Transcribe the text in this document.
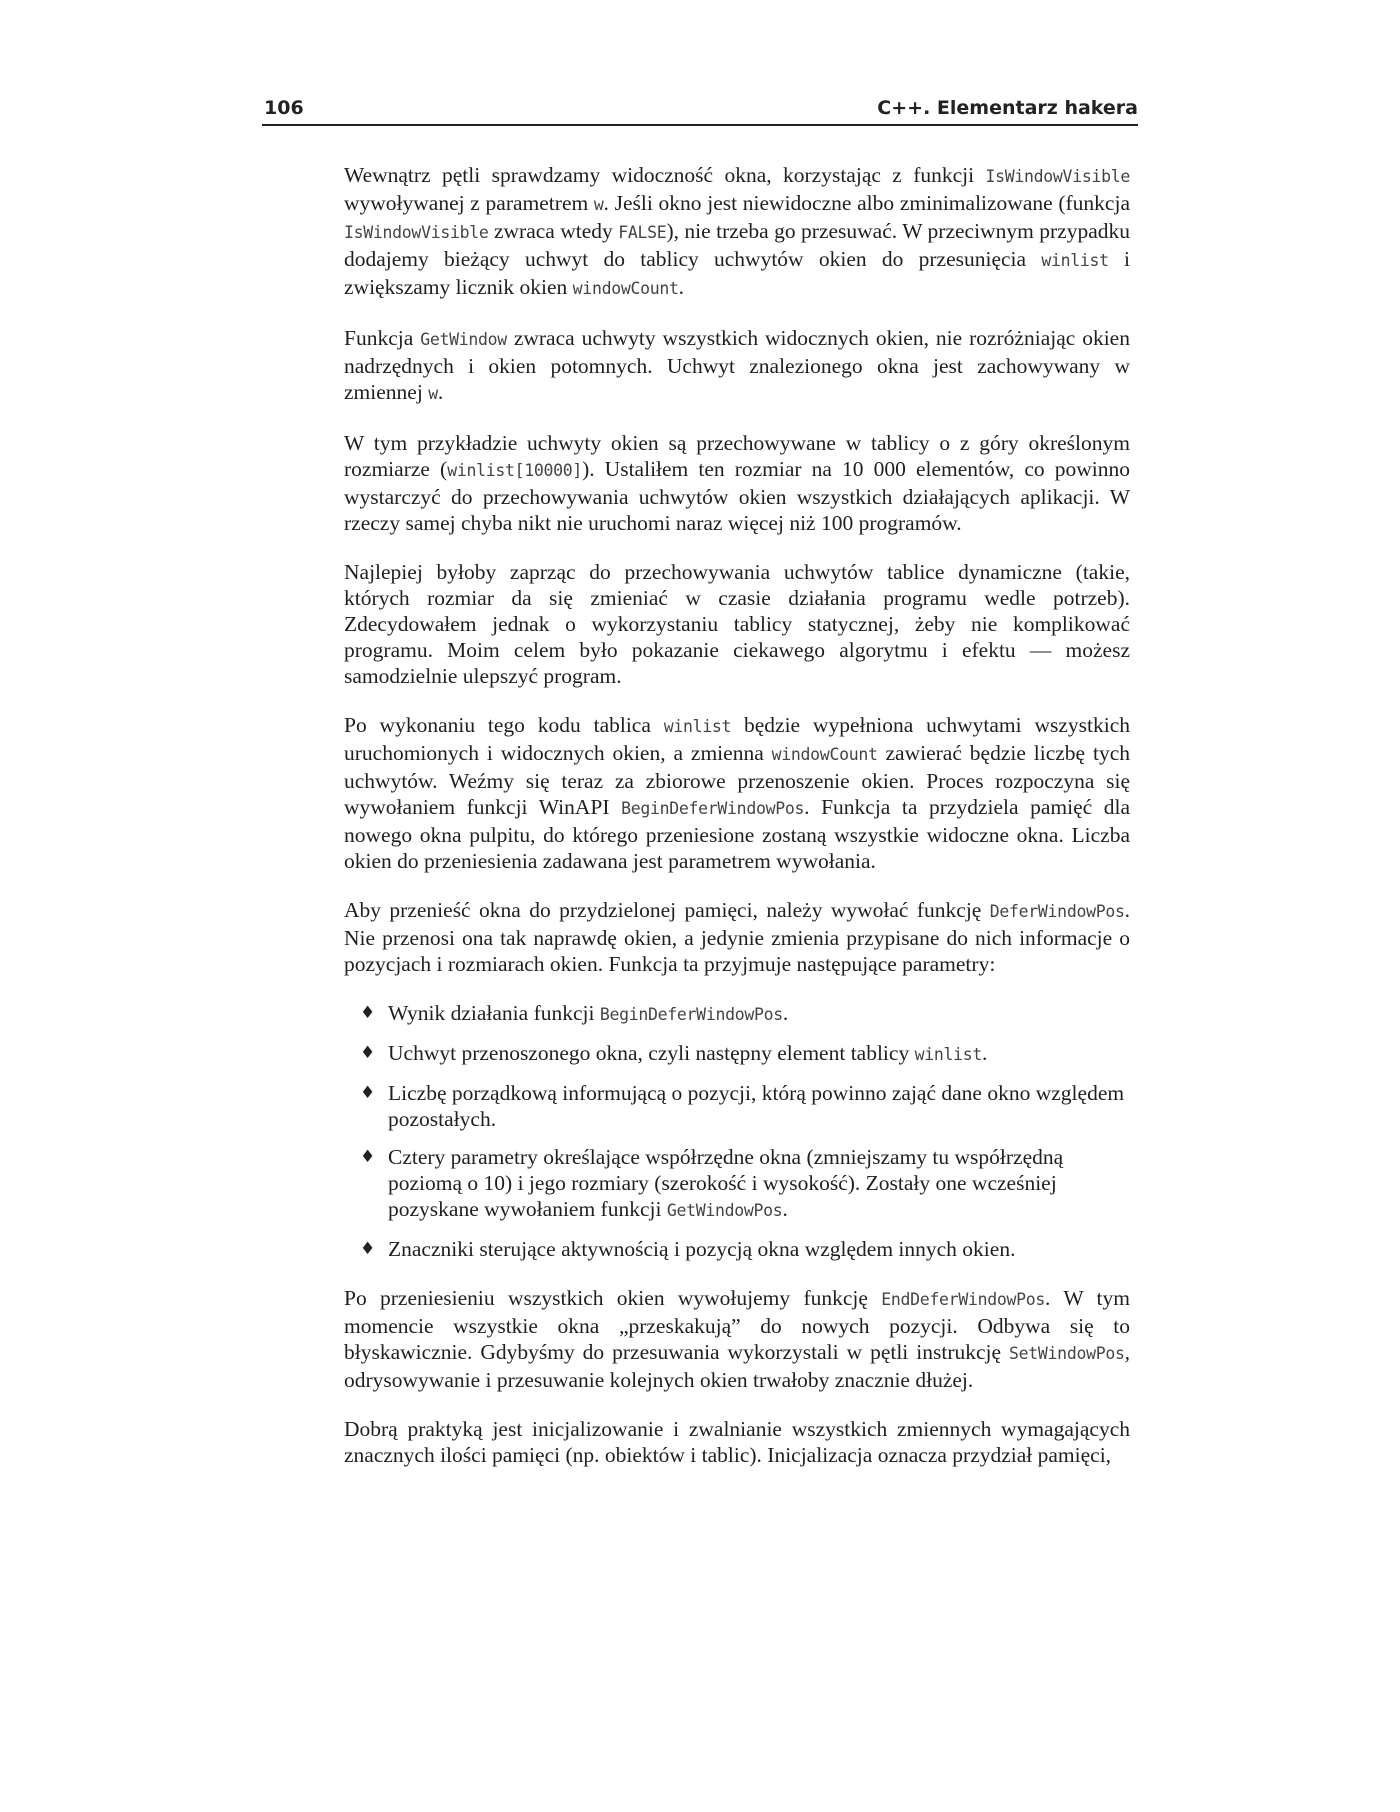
106	C++. Elementarz hakera

Wewnątrz pętli sprawdzamy widoczność okna, korzystając z funkcji IsWindowVisible wywoływanej z parametrem w. Jeśli okno jest niewidoczne albo zminimalizowane (funkcja IsWindowVisible zwraca wtedy FALSE), nie trzeba go przesuwać. W przeciwnym przypadku dodajemy bieżący uchwyt do tablicy uchwytów okien do przesunięcia winlist i zwiększamy licznik okien windowCount.

Funkcja GetWindow zwraca uchwyty wszystkich widocznych okien, nie rozróżniając okien nadrzędnych i okien potomnych. Uchwyt znalezionego okna jest zachowywany w zmiennej w.

W tym przykładzie uchwyty okien są przechowywane w tablicy o z góry określonym rozmiarze (winlist[10000]). Ustaliłem ten rozmiar na 10 000 elementów, co powinno wystarczyć do przechowywania uchwytów okien wszystkich działających aplikacji. W rzeczy samej chyba nikt nie uruchomi naraz więcej niż 100 programów.

Najlepiej byłoby zaprząc do przechowywania uchwytów tablice dynamiczne (takie, których rozmiar da się zmieniać w czasie działania programu wedle potrzeb). Zdecydowałem jednak o wykorzystaniu tablicy statycznej, żeby nie komplikować programu. Moim celem było pokazanie ciekawego algorytmu i efektu — możesz samodzielnie ulepszyć program.

Po wykonaniu tego kodu tablica winlist będzie wypełniona uchwytami wszystkich uruchomionych i widocznych okien, a zmienna windowCount zawierać będzie liczbę tych uchwytów. Weźmy się teraz za zbiorowe przenoszenie okien. Proces rozpoczyna się wywołaniem funkcji WinAPI BeginDeferWindowPos. Funkcja ta przydziela pamięć dla nowego okna pulpitu, do którego przeniesione zostaną wszystkie widoczne okna. Liczba okien do przeniesienia zadawana jest parametrem wywołania.

Aby przenieść okna do przydzielonej pamięci, należy wywołać funkcję DeferWindowPos. Nie przenosi ona tak naprawdę okien, a jedynie zmienia przypisane do nich informacje o pozycjach i rozmiarach okien. Funkcja ta przyjmuje następujące parametry:

♦ Wynik działania funkcji BeginDeferWindowPos.
♦ Uchwyt przenoszonego okna, czyli następny element tablicy winlist.
♦ Liczbę porządkową informującą o pozycji, którą powinno zająć dane okno względem pozostałych.
♦ Cztery parametry określające współrzędne okna (zmniejszamy tu współrzędną poziomą o 10) i jego rozmiary (szerokość i wysokość). Zostały one wcześniej pozyskane wywołaniem funkcji GetWindowPos.
♦ Znaczniki sterujące aktywnością i pozycją okna względem innych okien.

Po przeniesieniu wszystkich okien wywołujemy funkcję EndDeferWindowPos. W tym momencie wszystkie okna „przeskakują” do nowych pozycji. Odbywa się to błyskawicznie. Gdybyśmy do przesuwania wykorzystali w pętli instrukcję SetWindowPos, odrysowywanie i przesuwanie kolejnych okien trwałoby znacznie dłużej.

Dobrą praktyką jest inicjalizowanie i zwalnianie wszystkich zmiennych wymagających znacznych ilości pamięci (np. obiektów i tablic). Inicjalizacja oznacza przydział pamięci,
